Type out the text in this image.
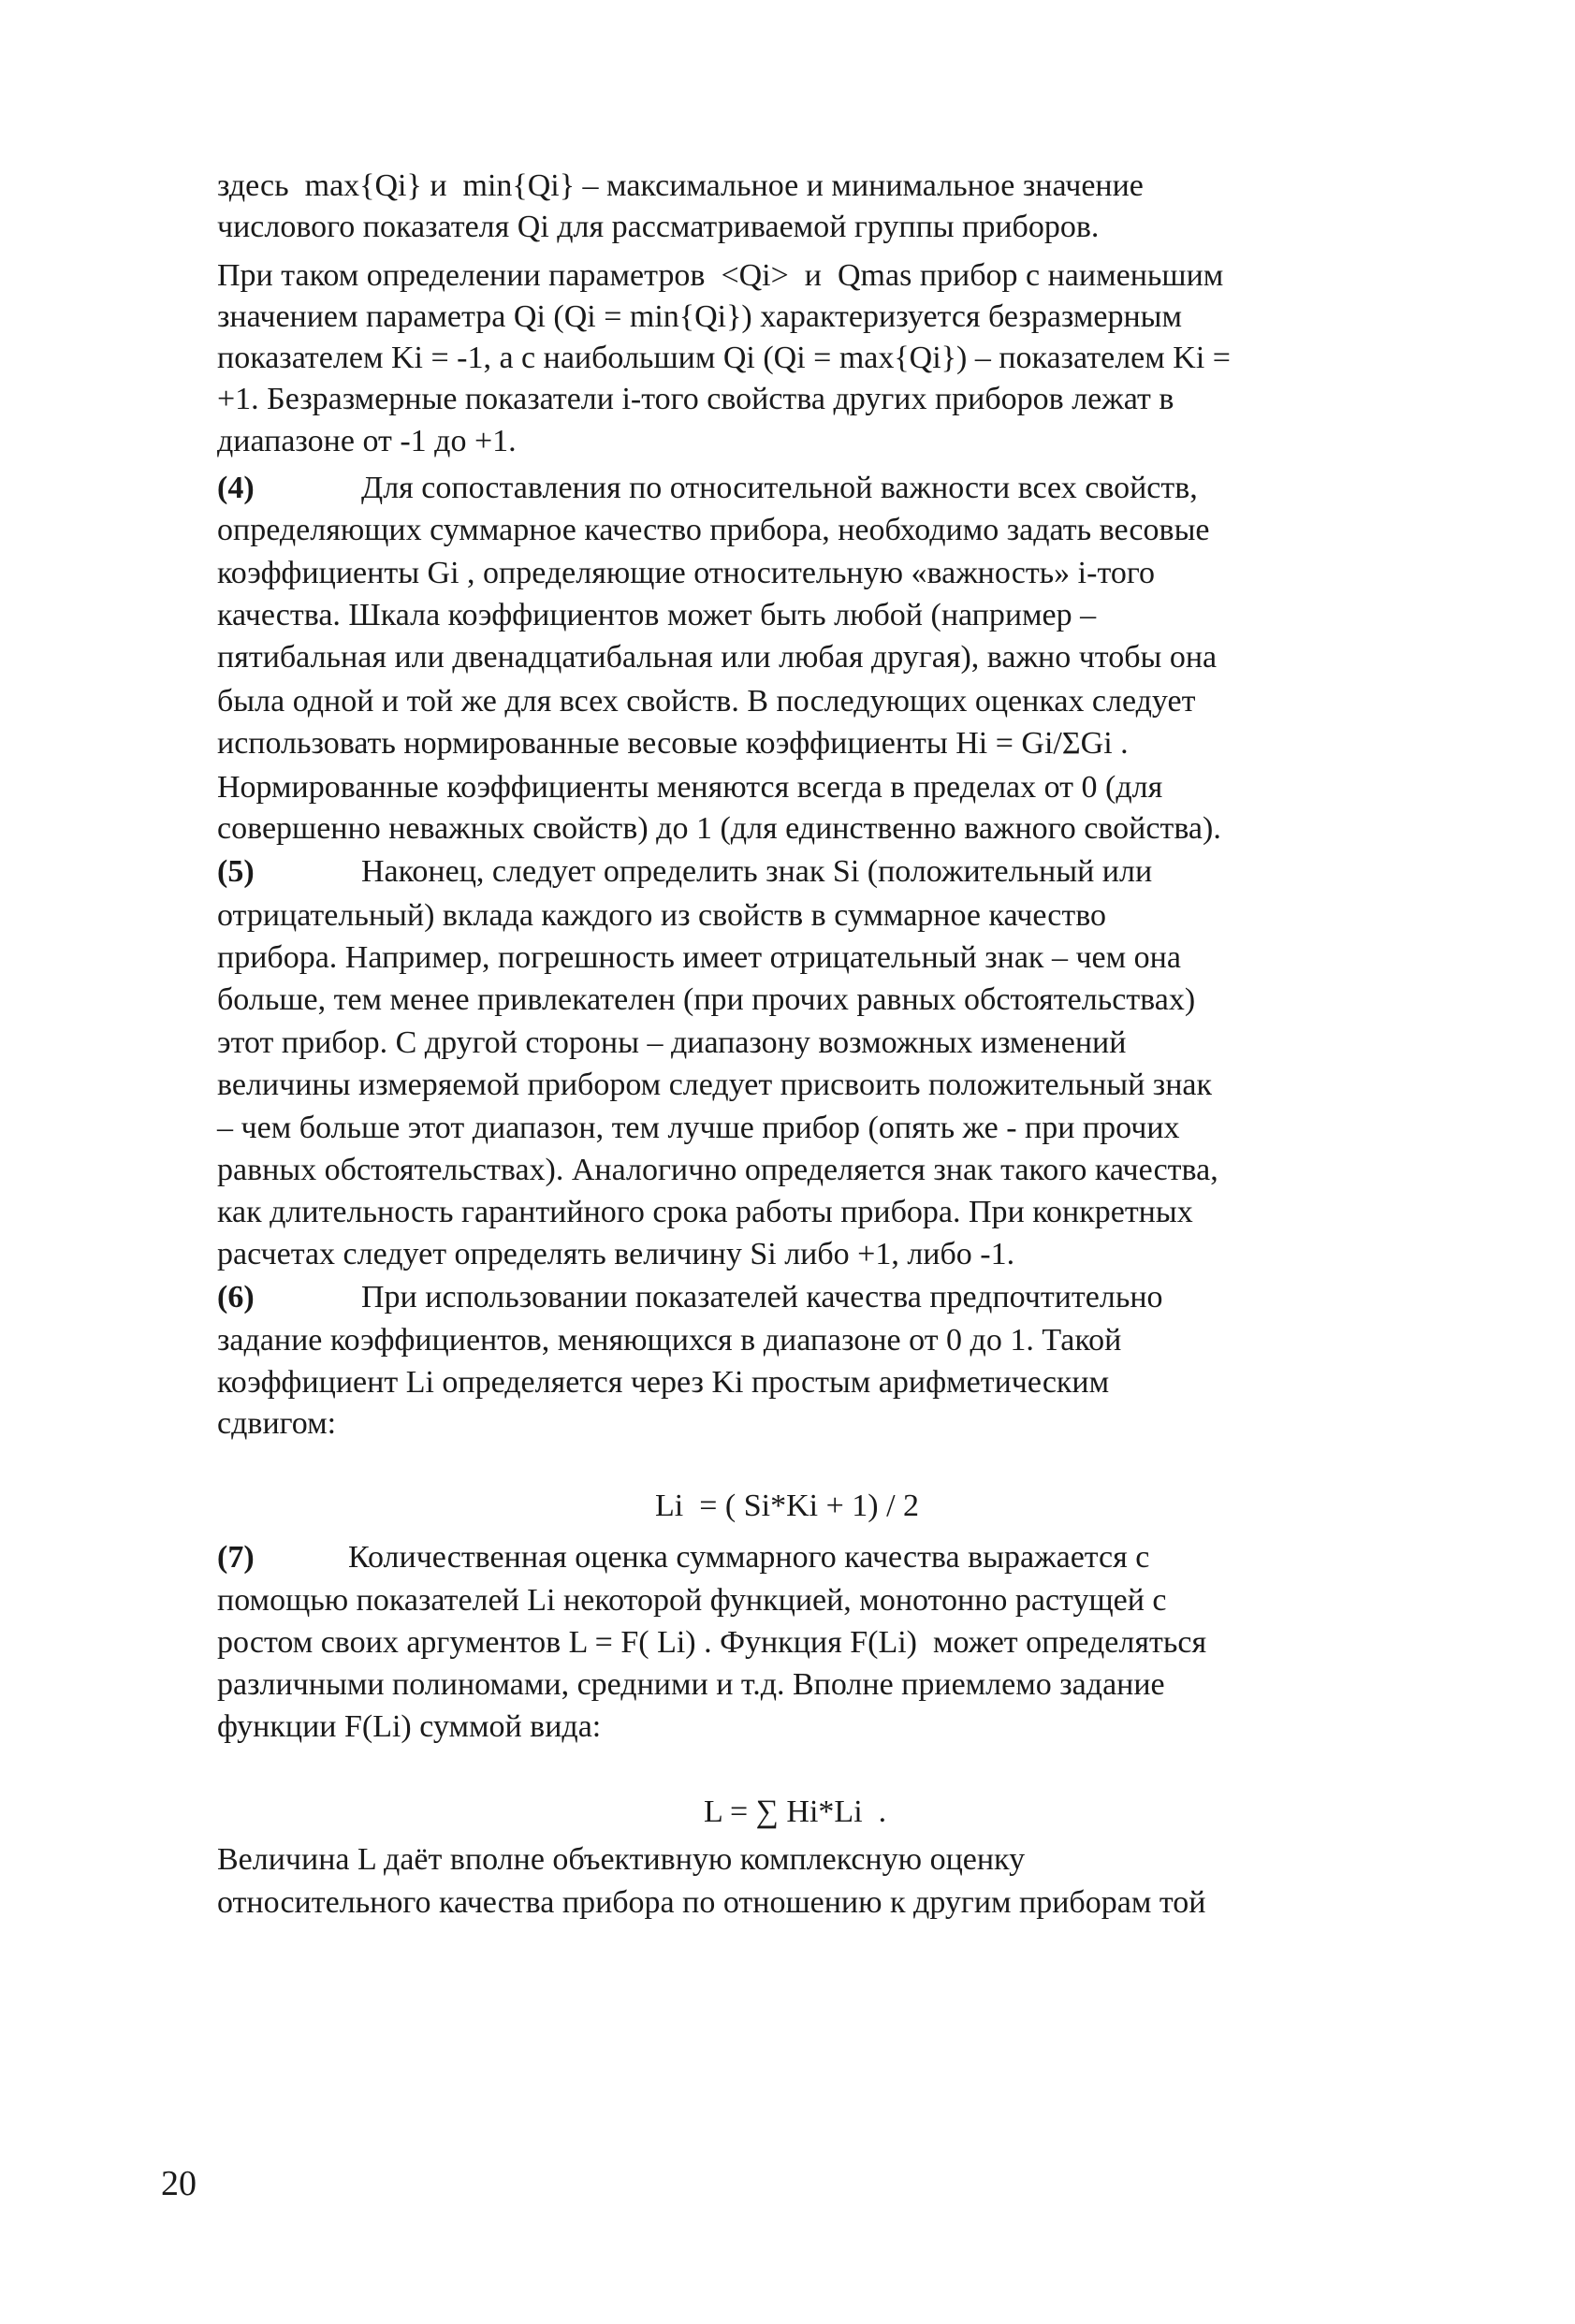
здесь  max{Qi} и  min{Qi} – максимальное и минимальное значение
числового показателя Qi для рассматриваемой группы приборов.
При таком определении параметров  <Qi>  и  Qmas прибор с наименьшим
значением параметра Qi (Qi = min{Qi}) характеризуется безразмерным
показателем Ki = -1, а с наибольшим Qi (Qi = max{Qi}) – показателем Ki =
+1. Безразмерные показатели i-того свойства других приборов лежат в
диапазоне от -1 до +1.
(4)	Для сопоставления по относительной важности всех свойств,
определяющих суммарное качество прибора, необходимо задать весовые
коэффициенты Gi , определяющие относительную «важность» i-того
качества. Шкала коэффициентов может быть любой (например –
пятибальная или двенадцатибальная или любая другая), важно чтобы она
была одной и той же для всех свойств. В последующих оценках следует
использовать нормированные весовые коэффициенты Hi = Gi/ΣGi .
Нормированные коэффициенты меняются всегда в пределах от 0 (для
совершенно неважных свойств) до 1 (для единственно важного свойства).
(5)	Наконец, следует определить знак Si (положительный или
отрицательный) вклада каждого из свойств в суммарное качество
прибора. Например, погрешность имеет отрицательный знак – чем она
больше, тем менее привлекателен (при прочих равных обстоятельствах)
этот прибор. С другой стороны – диапазону возможных изменений
величины измеряемой прибором следует присвоить положительный знак
– чем больше этот диапазон, тем лучше прибор (опять же - при прочих
равных обстоятельствах). Аналогично определяется знак такого качества,
как длительность гарантийного срока работы прибора. При конкретных
расчетах следует определять величину Si либо +1, либо -1.
(6)	При использовании показателей качества предпочтительно
задание коэффициентов, меняющихся в диапазоне от 0 до 1. Такой
коэффициент Li определяется через Ki простым арифметическим
сдвигом:
Li  = ( Si*Ki + 1) / 2
(7)	Количественная оценка суммарного качества выражается с
помощью показателей Li некоторой функцией, монотонно растущей с
ростом своих аргументов L = F( Li) . Функция F(Li)  может определяться
различными полиномами, средними и т.д. Вполне приемлемо задание
функции F(Li) суммой вида:
L = ∑ Hi*Li  .
Величина L даёт вполне объективную комплексную оценку
относительного качества прибора по отношению к другим приборам той
20
